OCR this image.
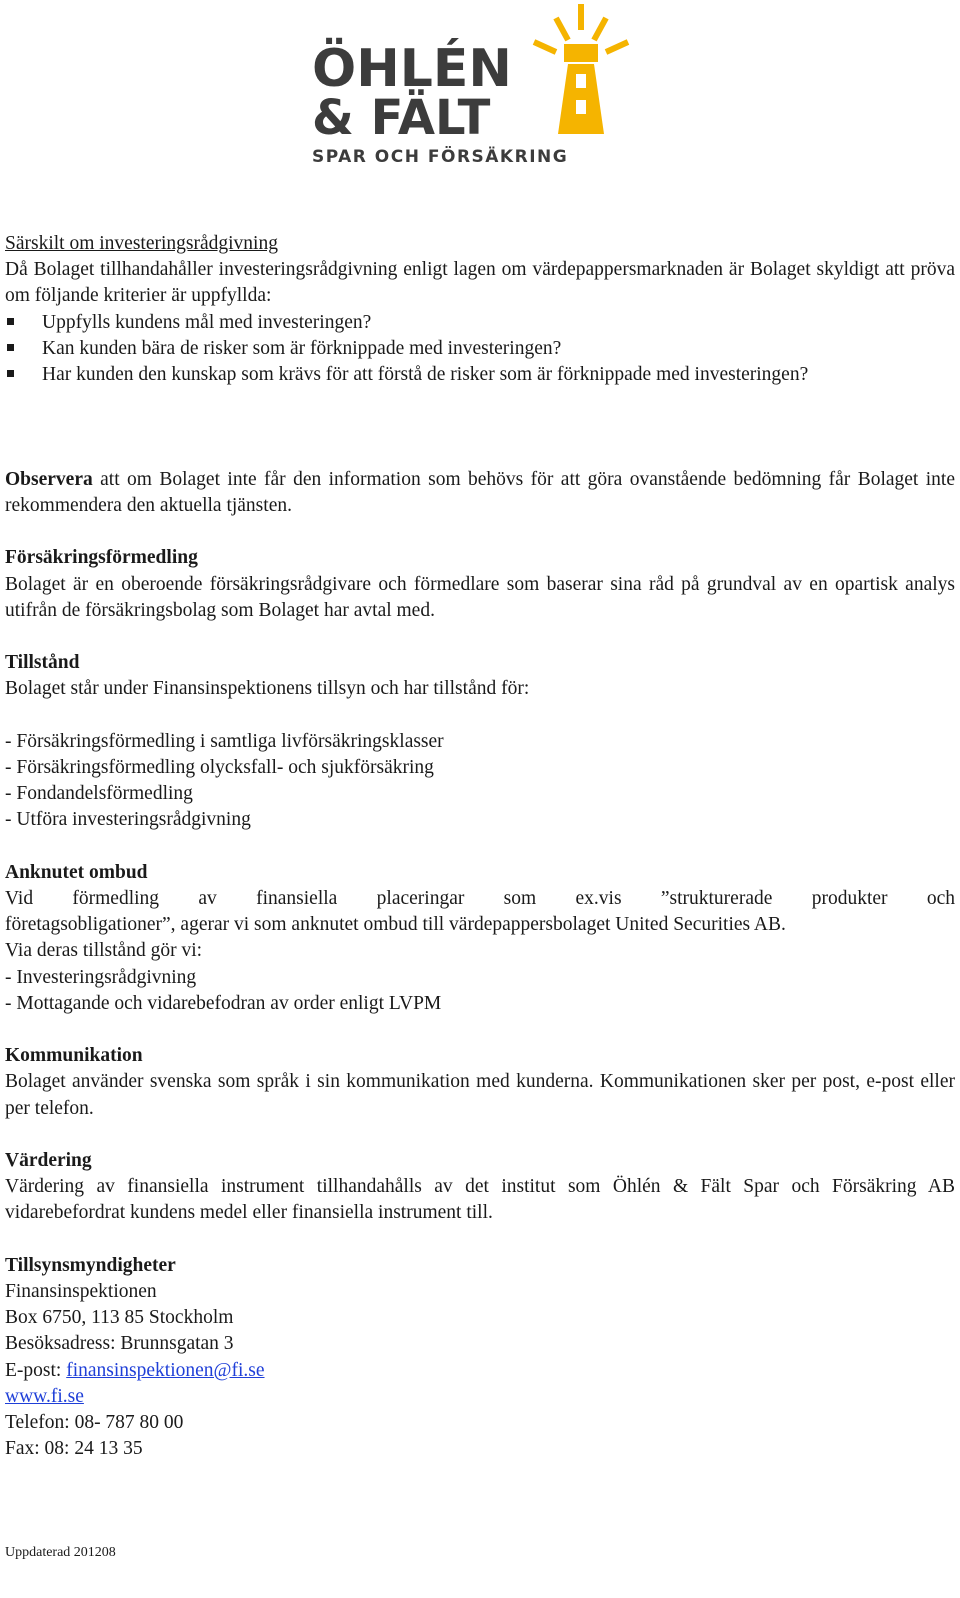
ÖHLÉN
& FÄLT
SPAR OCH FÖRSÄKRING

Särskilt om investeringsrådgivning

Då Bolaget tillhandahåller investeringsrådgivning enligt lagen om värdepappersmarknaden är Bolaget skyldigt att pröva om följande kriterier är uppfyllda:

Uppfylls kundens mål med investeringen?
Kan kunden bära de risker som är förknippade med investeringen?
Har kunden den kunskap som krävs för att förstå de risker som är förknippade med investeringen?

Observera att om Bolaget inte får den information som behövs för att göra ovanstående bedömning får Bolaget inte rekommendera den aktuella tjänsten.

Försäkringsförmedling

Bolaget är en oberoende försäkringsrådgivare och förmedlare som baserar sina råd på grundval av en opartisk analys utifrån de försäkringsbolag som Bolaget har avtal med.

Tillstånd

Bolaget står under Finansinspektionens tillsyn och har tillstånd för:

- Försäkringsförmedling i samtliga livförsäkringsklasser

- Försäkringsförmedling olycksfall- och sjukförsäkring

- Fondandelsförmedling

- Utföra investeringsrådgivning

Anknutet ombud

Vid förmedling av finansiella placeringar som ex.vis ”strukturerade produkter och

företagsobligationer”, agerar vi som anknutet ombud till värdepappersbolaget United Securities AB.

Via deras tillstånd gör vi:

- Investeringsrådgivning

- Mottagande och vidarebefodran av order enligt LVPM

Kommunikation

Bolaget använder svenska som språk i sin kommunikation med kunderna. Kommunikationen sker per post, e-post eller per telefon.

Värdering

Värdering av finansiella instrument tillhandahålls av det institut som Öhlén & Fält Spar och Försäkring AB vidarebefordrat kundens medel eller finansiella instrument till.

Tillsynsmyndigheter

Finansinspektionen

Box 6750, 113 85 Stockholm

Besöksadress: Brunnsgatan 3

E-post: finansinspektionen@fi.se

www.fi.se

Telefon: 08- 787 80 00

Fax: 08: 24 13 35

Uppdaterad 201208
